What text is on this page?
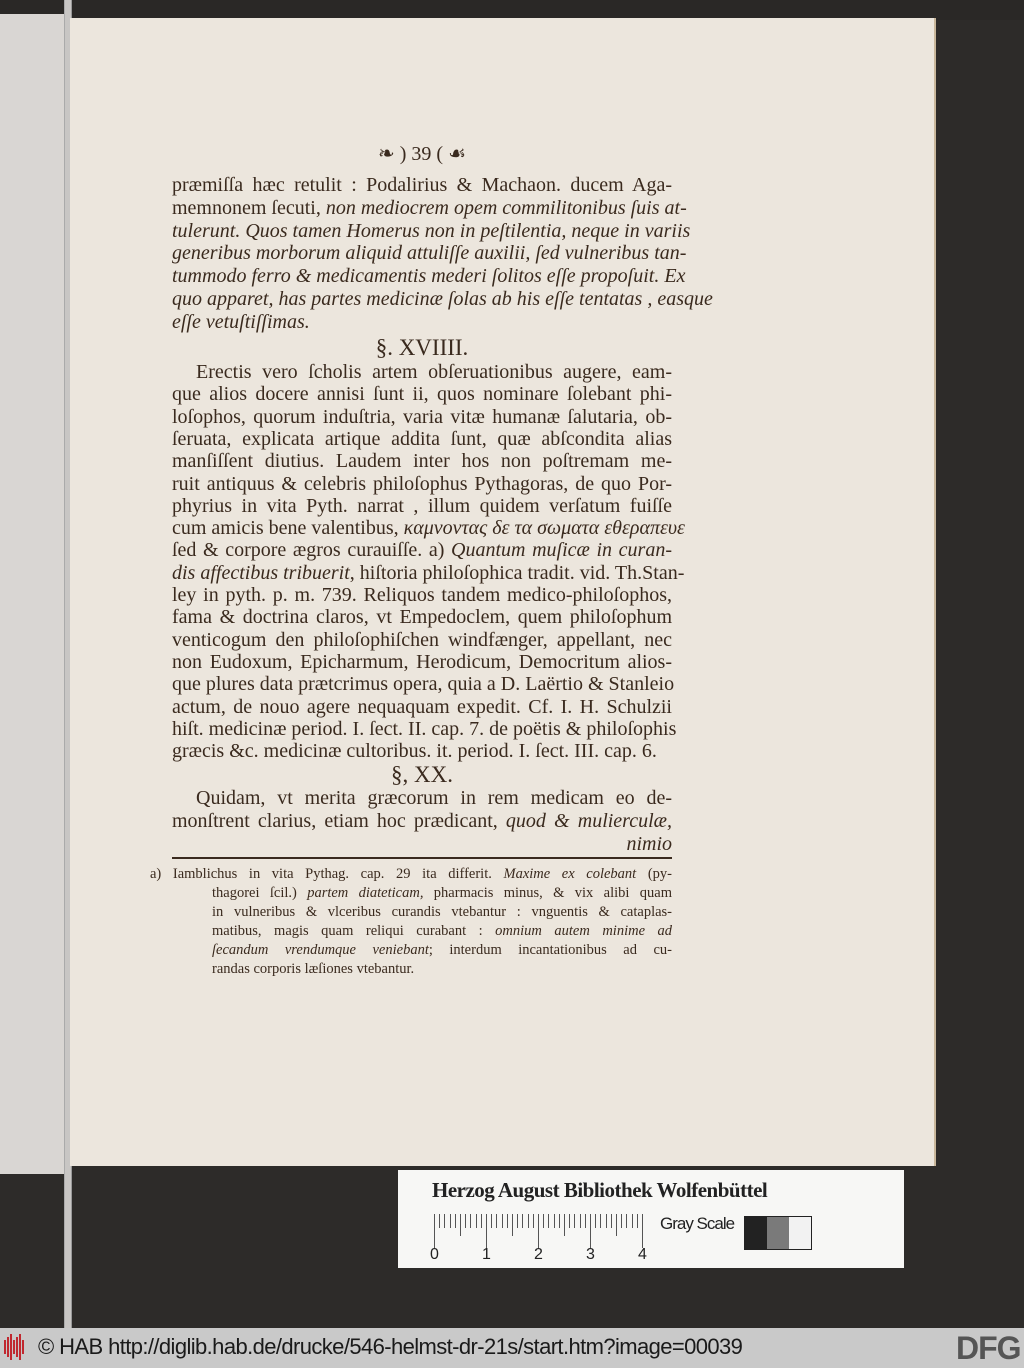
❧ ) 39 ( ☙
præmiſſa hæc retulit : Podalirius & Machaon. ducem Aga-
memnonem ſecuti, non mediocrem opem commilitonibus ſuis at-
tulerunt. Quos tamen Homerus non in peſtilentia, neque in variis
generibus morborum aliquid attuliſſe auxilii, ſed vulneribus tan-
tummodo ferro & medicamentis mederi ſolitos eſſe propoſuit. Ex
quo apparet, has partes medicinæ ſolas ab his eſſe tentatas , easque
eſſe vetuſtiſſimas.
§. XVIIII.
Erectis vero ſcholis artem obſeruationibus augere, eam-
que alios docere annisi ſunt ii, quos nominare ſolebant phi-
loſophos, quorum induſtria, varia vitæ humanæ ſalutaria, ob-
ſeruata, explicata artique addita ſunt, quæ abſcondita alias
manſiſſent diutius. Laudem inter hos non poſtremam me-
ruit antiquus & celebris philoſophus Pythagoras, de quo Por-
phyrius in vita Pyth. narrat , illum quidem verſatum fuiſſe
cum amicis bene valentibus, καμνοντας δε τα σωματα εθεραπευε
ſed & corpore ægros curauiſſe. a) Quantum muſicæ in curan-
dis affectibus tribuerit, hiſtoria philoſophica tradit. vid. Th.Stan-
ley in pyth. p. m. 739. Reliquos tandem medico-philoſophos,
fama & doctrina claros, vt Empedoclem, quem philoſophum
venticogum den philoſophiſchen windfænger, appellant, nec
non Eudoxum, Epicharmum, Herodicum, Democritum alios-
que plures data prætcrimus opera, quia a D. Laërtio & Stanleio
actum, de nouo agere nequaquam expedit. Cf. I. H. Schulzii
hiſt. medicinæ period. I. ſect. II. cap. 7. de poëtis & philoſophis
græcis &c. medicinæ cultoribus. it. period. I. ſect. III. cap. 6.
§, XX.
Quidam, vt merita græcorum in rem medicam eo de-
monſtrent clarius, etiam hoc prædicant, quod & mulierculæ,
nimio
a) Iamblichus in vita Pythag. cap. 29 ita differit. Maxime ex colebant (py-
thagorei ſcil.) partem diateticam, pharmacis minus, & vix alibi quam
in vulneribus & vlceribus curandis vtebantur : vnguentis & cataplas-
matibus, magis quam reliqui curabant : omnium autem minime ad
ſecandum vrendumque veniebant; interdum incantationibus ad cu-
randas corporis læſiones vtebantur.
Herzog August Bibliothek Wolfenbüttel
Gray Scale
0	1	2	3	4
© HAB http://diglib.hab.de/drucke/546-helmst-dr-21s/start.htm?image=00039	DFG
